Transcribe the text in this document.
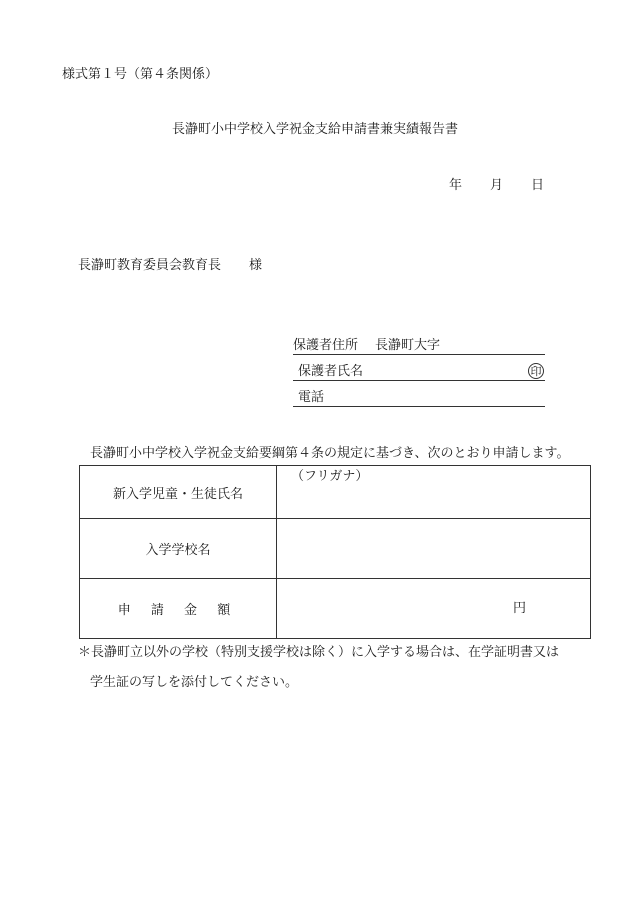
様式第１号（第４条関係）
長瀞町小中学校入学祝金支給申請書兼実績報告書
年 月 日
長瀞町教育委員会教育長 様
保護者住所 長瀞町大字
保護者氏名	印
電話
長瀞町小中学校入学祝金支給要綱第４条の規定に基づき、次のとおり申請します。
新入学児童・生徒氏名	（フリガナ）

入学学校名	
申 請 金 額	円
＊長瀞町立以外の学校（特別支援学校は除く）に入学する場合は、在学証明書又は
学生証の写しを添付してください。
